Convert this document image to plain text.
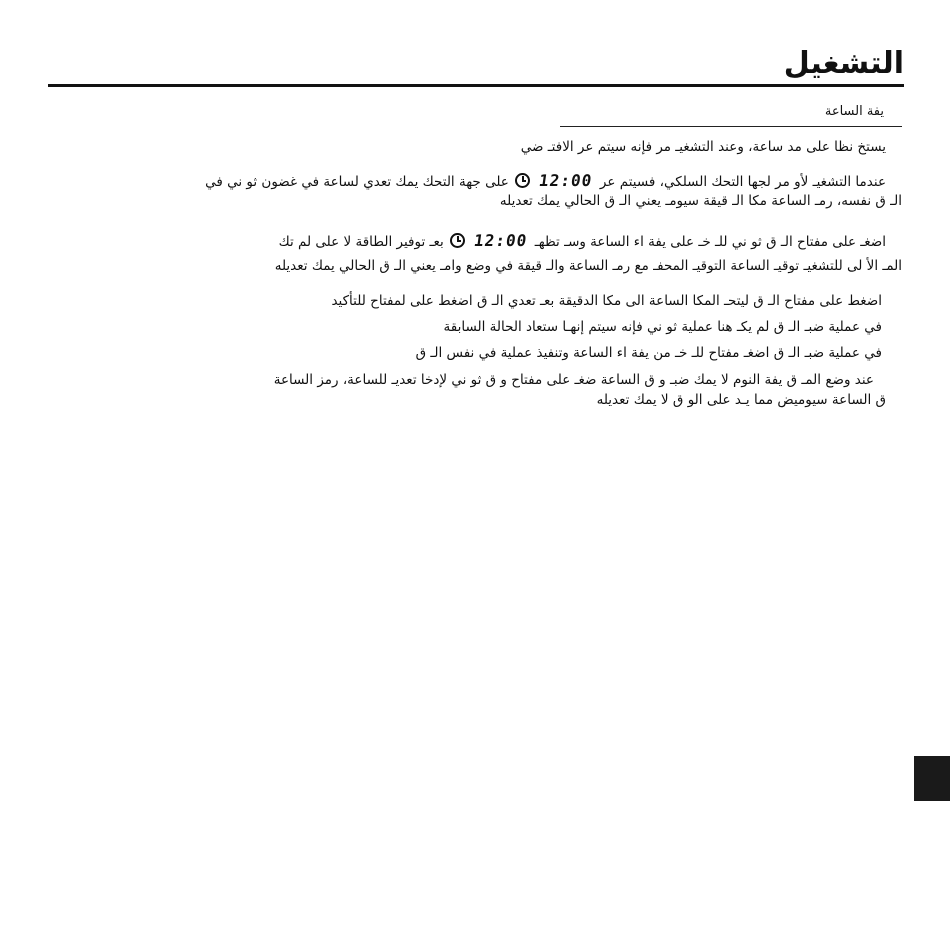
التشغيل
يفة الساعة
يستخ نظا على مد ساعة، وعند التشغيـ مر فإنه سيتم عر الافتـ ضي
عندما التشغيـ لأو مر لجها التحك السلكي، فسيتم عر 12:00  على جهة التحك يمك تعدي لساعة في غضون ثو ني في
الـ ق نفسه، رمـ الساعة مكا الـ قيقة سيومـ يعني الـ ق الحالي يمك تعديله
اضغـ على مفتاح الـ ق ثو ني للـ خـ على يفة اء الساعة وسـ تظهـ 12:00  بعـ توفير الطاقة لا على لم تك
المـ الأ لى للتشغيـ توقيـ الساعة التوقيـ المحفـ مع رمـ الساعة والـ قيقة في وضع وامـ يعني الـ ق الحالي يمك تعديله
اضغط على مفتاح الـ ق ليتحـ المكا الساعة الى مكا الدقيقة بعـ تعدي الـ ق اضغط على لمفتاح للتأكيد
في عملية ضبـ الـ ق لم يكـ هنا عملية ثو ني فإنه سيتم إنهـا ستعاد الحالة السابقة
في عملية ضبـ الـ ق اضغـ مفتاح للـ خـ من يفة اء الساعة وتنفيذ عملية في نفس الـ ق
عند وضع المـ ق يفة النوم لا يمك ضبـ و ق الساعة ضغـ على مفتاح و ق ثو ني لإدخا تعديـ للساعة، رمز الساعة
ق الساعة سيوميض مما يـد على الو ق لا يمك تعديله
